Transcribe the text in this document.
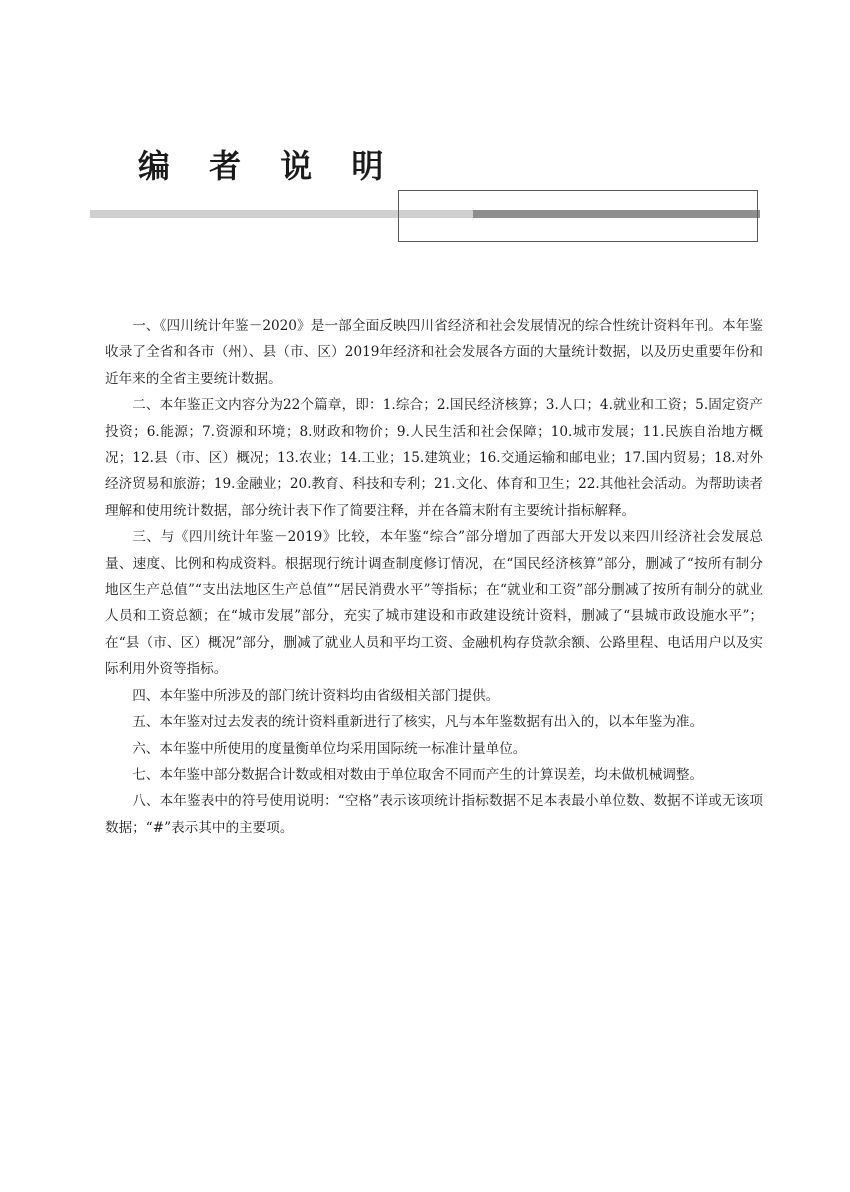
编 者 说 明

一、《四川统计年鉴－2020》是一部全面反映四川省经济和社会发展情况的综合性统计资料年刊。本年鉴收录了全省和各市（州）、县（市、区）2019年经济和社会发展各方面的大量统计数据，以及历史重要年份和近年来的全省主要统计数据。

二、本年鉴正文内容分为22个篇章，即：1.综合；2.国民经济核算；3.人口；4.就业和工资；5.固定资产投资；6.能源；7.资源和环境；8.财政和物价；9.人民生活和社会保障；10.城市发展；11.民族自治地方概况；12.县（市、区）概况；13.农业；14.工业；15.建筑业；16.交通运输和邮电业；17.国内贸易；18.对外经济贸易和旅游；19.金融业；20.教育、科技和专利；21.文化、体育和卫生；22.其他社会活动。为帮助读者理解和使用统计数据，部分统计表下作了简要注释，并在各篇末附有主要统计指标解释。

三、与《四川统计年鉴－2019》比较，本年鉴“综合”部分增加了西部大开发以来四川经济社会发展总量、速度、比例和构成资料。根据现行统计调查制度修订情况，在“国民经济核算”部分，删减了“按所有制分地区生产总值”“支出法地区生产总值”“居民消费水平”等指标；在“就业和工资”部分删减了按所有制分的就业人员和工资总额；在“城市发展”部分，充实了城市建设和市政建设统计资料，删减了“县城市政设施水平”；在“县（市、区）概况”部分，删减了就业人员和平均工资、金融机构存贷款余额、公路里程、电话用户以及实际利用外资等指标。

四、本年鉴中所涉及的部门统计资料均由省级相关部门提供。

五、本年鉴对过去发表的统计资料重新进行了核实，凡与本年鉴数据有出入的，以本年鉴为准。

六、本年鉴中所使用的度量衡单位均采用国际统一标准计量单位。

七、本年鉴中部分数据合计数或相对数由于单位取舍不同而产生的计算误差，均未做机械调整。

八、本年鉴表中的符号使用说明：“空格”表示该项统计指标数据不足本表最小单位数、数据不详或无该项数据；“#”表示其中的主要项。
